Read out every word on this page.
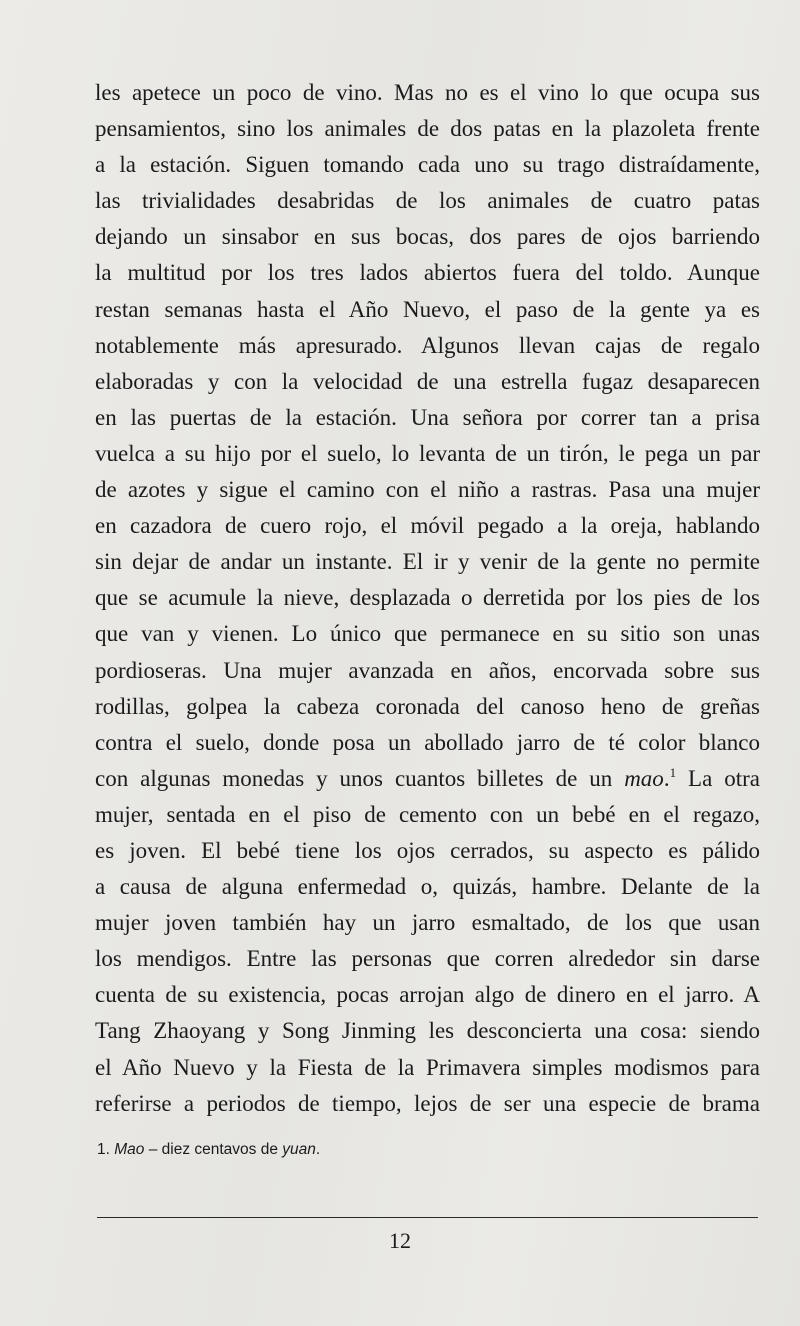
les apetece un poco de vino. Mas no es el vino lo que ocupa sus
pensamientos, sino los animales de dos patas en la plazoleta frente
a la estación. Siguen tomando cada uno su trago distraídamente,
las trivialidades desabridas de los animales de cuatro patas
dejando un sinsabor en sus bocas, dos pares de ojos barriendo
la multitud por los tres lados abiertos fuera del toldo. Aunque
restan semanas hasta el Año Nuevo, el paso de la gente ya es
notablemente más apresurado. Algunos llevan cajas de regalo
elaboradas y con la velocidad de una estrella fugaz desaparecen
en las puertas de la estación. Una señora por correr tan a prisa
vuelca a su hijo por el suelo, lo levanta de un tirón, le pega un par
de azotes y sigue el camino con el niño a rastras. Pasa una mujer
en cazadora de cuero rojo, el móvil pegado a la oreja, hablando
sin dejar de andar un instante. El ir y venir de la gente no permite
que se acumule la nieve, desplazada o derretida por los pies de los
que van y vienen. Lo único que permanece en su sitio son unas
pordioseras. Una mujer avanzada en años, encorvada sobre sus
rodillas, golpea la cabeza coronada del canoso heno de greñas
contra el suelo, donde posa un abollado jarro de té color blanco
con algunas monedas y unos cuantos billetes de un mao.$^1$ La otra
mujer, sentada en el piso de cemento con un bebé en el regazo,
es joven. El bebé tiene los ojos cerrados, su aspecto es pálido
a causa de alguna enfermedad o, quizás, hambre. Delante de la
mujer joven también hay un jarro esmaltado, de los que usan
los mendigos. Entre las personas que corren alrededor sin darse
cuenta de su existencia, pocas arrojan algo de dinero en el jarro. A
Tang Zhaoyang y Song Jinming les desconcierta una cosa: siendo
el Año Nuevo y la Fiesta de la Primavera simples modismos para
referirse a periodos de tiempo, lejos de ser una especie de brama
1. Mao – diez centavos de yuan.
12
